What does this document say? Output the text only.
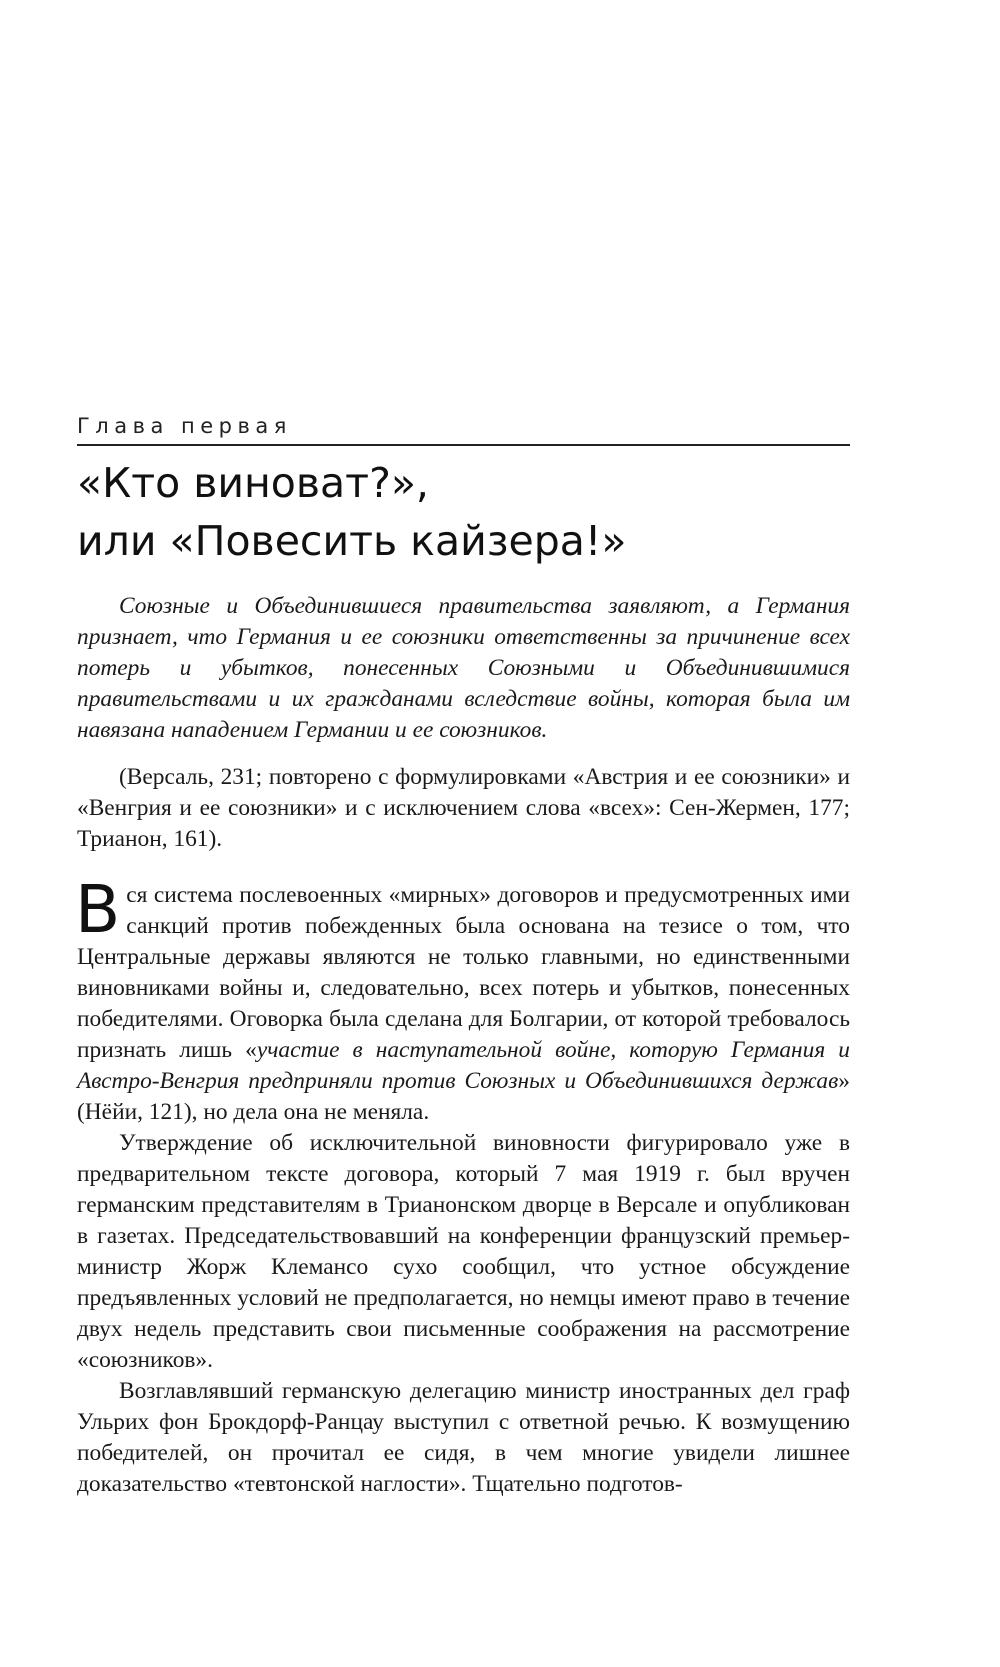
Глава первая
«Кто виноват?»,
или «Повесить кайзера!»

Союзные и Объединившиеся правительства заявляют, а Германия признает, что Германия и ее союзники ответственны за причинение всех потерь и убытков, понесенных Союзными и Объединившимися правительствами и их гражданами вследствие войны, которая была им навязана нападением Германии и ее союзников.

(Версаль, 231; повторено с формулировками «Австрия и ее союзники» и «Венгрия и ее союзники» и с исключением слова «всех»: Сен-Жермен, 177; Трианон, 161).

Вся система послевоенных «мирных» договоров и предусмотренных ими санкций против побежденных была основана на тезисе о том, что Центральные державы являются не только главными, но единственными виновниками войны и, следовательно, всех потерь и убытков, понесенных победителями. Оговорка была сделана для Болгарии, от которой требовалось признать лишь «участие в наступательной войне, которую Германия и Австро-Венгрия предприняли против Союзных и Объединившихся держав» (Нёйи, 121), но дела она не меняла.

Утверждение об исключительной виновности фигурировало уже в предварительном тексте договора, который 7 мая 1919 г. был вручен германским представителям в Трианонском дворце в Версале и опубликован в газетах. Председательствовавший на конференции французский премьер-министр Жорж Клемансо сухо сообщил, что устное обсуждение предъявленных условий не предполагается, но немцы имеют право в течение двух недель представить свои письменные соображения на рассмотрение «союзников».

Возглавлявший германскую делегацию министр иностранных дел граф Ульрих фон Брокдорф-Ранцау выступил с ответной речью. К возмущению победителей, он прочитал ее сидя, в чем многие увидели лишнее доказательство «тевтонской наглости». Тщательно подготов-
